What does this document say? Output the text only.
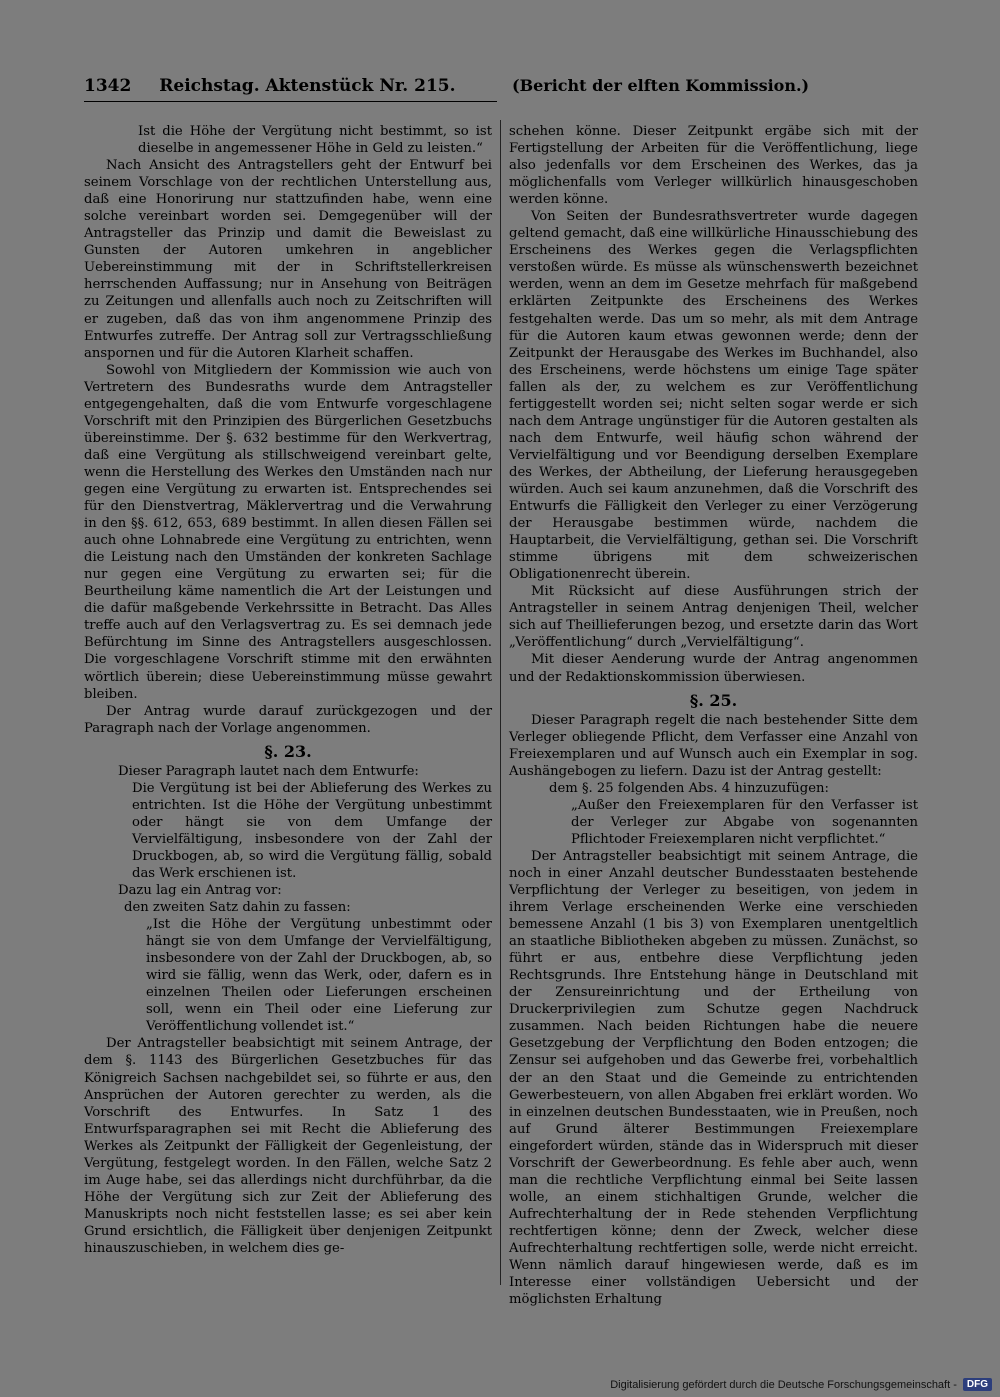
1342 Reichstag. Aktenstück Nr. 215.	(Bericht der elften Kommission.)

Ist die Höhe der Vergütung nicht bestimmt, so ist dieselbe in angemessener Höhe in Geld zu leisten.“

Nach Ansicht des Antragstellers geht der Entwurf bei seinem Vorschlage von der rechtlichen Unterstellung aus, daß eine Honorirung nur stattzufinden habe, wenn eine solche vereinbart worden sei. Demgegenüber will der Antragsteller das Prinzip und damit die Beweislast zu Gunsten der Autoren umkehren in angeblicher Uebereinstimmung mit der in Schriftstellerkreisen herrschenden Auffassung; nur in Ansehung von Beiträgen zu Zeitungen und allenfalls auch noch zu Zeitschriften will er zugeben, daß das von ihm angenommene Prinzip des Entwurfes zutreffe. Der Antrag soll zur Vertragsschließung anspornen und für die Autoren Klarheit schaffen.

Sowohl von Mitgliedern der Kommission wie auch von Vertretern des Bundesraths wurde dem Antragsteller entgegengehalten, daß die vom Entwurfe vorgeschlagene Vorschrift mit den Prinzipien des Bürgerlichen Gesetzbuchs übereinstimme. Der §. 632 bestimme für den Werkvertrag, daß eine Vergütung als stillschweigend vereinbart gelte, wenn die Herstellung des Werkes den Umständen nach nur gegen eine Vergütung zu erwarten ist. Entsprechendes sei für den Dienstvertrag, Mäklervertrag und die Verwahrung in den §§. 612, 653, 689 bestimmt. In allen diesen Fällen sei auch ohne Lohnabrede eine Vergütung zu entrichten, wenn die Leistung nach den Umständen der konkreten Sachlage nur gegen eine Vergütung zu erwarten sei; für die Beurtheilung käme namentlich die Art der Leistungen und die dafür maßgebende Verkehrssitte in Betracht. Das Alles treffe auch auf den Verlagsvertrag zu. Es sei demnach jede Befürchtung im Sinne des Antragstellers ausgeschlossen. Die vorgeschlagene Vorschrift stimme mit den erwähnten wörtlich überein; diese Uebereinstimmung müsse gewahrt bleiben.

Der Antrag wurde darauf zurückgezogen und der Paragraph nach der Vorlage angenommen.

§. 23.

Dieser Paragraph lautet nach dem Entwurfe:

Die Vergütung ist bei der Ablieferung des Werkes zu entrichten. Ist die Höhe der Vergütung unbestimmt oder hängt sie von dem Umfange der Vervielfältigung, insbesondere von der Zahl der Druckbogen, ab, so wird die Vergütung fällig, sobald das Werk erschienen ist.

Dazu lag ein Antrag vor:

den zweiten Satz dahin zu fassen:

„Ist die Höhe der Vergütung unbestimmt oder hängt sie von dem Umfange der Vervielfältigung, insbesondere von der Zahl der Druckbogen, ab, so wird sie fällig, wenn das Werk, oder, dafern es in einzelnen Theilen oder Lieferungen erscheinen soll, wenn ein Theil oder eine Lieferung zur Veröffentlichung vollendet ist.“

Der Antragsteller beabsichtigt mit seinem Antrage, der dem §. 1143 des Bürgerlichen Gesetzbuches für das Königreich Sachsen nachgebildet sei, so führte er aus, den Ansprüchen der Autoren gerechter zu werden, als die Vorschrift des Entwurfes. In Satz 1 des Entwurfsparagraphen sei mit Recht die Ablieferung des Werkes als Zeitpunkt der Fälligkeit der Gegenleistung, der Vergütung, festgelegt worden. In den Fällen, welche Satz 2 im Auge habe, sei das allerdings nicht durchführbar, da die Höhe der Vergütung sich zur Zeit der Ablieferung des Manuskripts noch nicht feststellen lasse; es sei aber kein Grund ersichtlich, die Fälligkeit über denjenigen Zeitpunkt hinauszuschieben, in welchem dies ge-

schehen könne. Dieser Zeitpunkt ergäbe sich mit der Fertigstellung der Arbeiten für die Veröffentlichung, liege also jedenfalls vor dem Erscheinen des Werkes, das ja möglichenfalls vom Verleger willkürlich hinausgeschoben werden könne.

Von Seiten der Bundesrathsvertreter wurde dagegen geltend gemacht, daß eine willkürliche Hinausschiebung des Erscheinens des Werkes gegen die Verlagspflichten verstoßen würde. Es müsse als wünschenswerth bezeichnet werden, wenn an dem im Gesetze mehrfach für maßgebend erklärten Zeitpunkte des Erscheinens des Werkes festgehalten werde. Das um so mehr, als mit dem Antrage für die Autoren kaum etwas gewonnen werde; denn der Zeitpunkt der Herausgabe des Werkes im Buchhandel, also des Erscheinens, werde höchstens um einige Tage später fallen als der, zu welchem es zur Veröffentlichung fertiggestellt worden sei; nicht selten sogar werde er sich nach dem Antrage ungünstiger für die Autoren gestalten als nach dem Entwurfe, weil häufig schon während der Vervielfältigung und vor Beendigung derselben Exemplare des Werkes, der Abtheilung, der Lieferung herausgegeben würden. Auch sei kaum anzunehmen, daß die Vorschrift des Entwurfs die Fälligkeit den Verleger zu einer Verzögerung der Herausgabe bestimmen würde, nachdem die Hauptarbeit, die Vervielfältigung, gethan sei. Die Vorschrift stimme übrigens mit dem schweizerischen Obligationenrecht überein.

Mit Rücksicht auf diese Ausführungen strich der Antragsteller in seinem Antrag denjenigen Theil, welcher sich auf Theillieferungen bezog, und ersetzte darin das Wort „Veröffentlichung“ durch „Vervielfältigung“.

Mit dieser Aenderung wurde der Antrag angenommen und der Redaktionskommission überwiesen.

§. 25.

Dieser Paragraph regelt die nach bestehender Sitte dem Verleger obliegende Pflicht, dem Verfasser eine Anzahl von Freiexemplaren und auf Wunsch auch ein Exemplar in sog. Aushängebogen zu liefern. Dazu ist der Antrag gestellt:

dem §. 25 folgenden Abs. 4 hinzuzufügen:

„Außer den Freiexemplaren für den Verfasser ist der Verleger zur Abgabe von sogenannten Pflichtoder Freiexemplaren nicht verpflichtet.“

Der Antragsteller beabsichtigt mit seinem Antrage, die noch in einer Anzahl deutscher Bundesstaaten bestehende Verpflichtung der Verleger zu beseitigen, von jedem in ihrem Verlage erscheinenden Werke eine verschieden bemessene Anzahl (1 bis 3) von Exemplaren unentgeltlich an staatliche Bibliotheken abgeben zu müssen. Zunächst, so führt er aus, entbehre diese Verpflichtung jeden Rechtsgrunds. Ihre Entstehung hänge in Deutschland mit der Zensureinrichtung und der Ertheilung von Druckerprivilegien zum Schutze gegen Nachdruck zusammen. Nach beiden Richtungen habe die neuere Gesetzgebung der Verpflichtung den Boden entzogen; die Zensur sei aufgehoben und das Gewerbe frei, vorbehaltlich der an den Staat und die Gemeinde zu entrichtenden Gewerbesteuern, von allen Abgaben frei erklärt worden. Wo in einzelnen deutschen Bundesstaaten, wie in Preußen, noch auf Grund älterer Bestimmungen Freiexemplare eingefordert würden, stände das in Widerspruch mit dieser Vorschrift der Gewerbeordnung. Es fehle aber auch, wenn man die rechtliche Verpflichtung einmal bei Seite lassen wolle, an einem stichhaltigen Grunde, welcher die Aufrechterhaltung der in Rede stehenden Verpflichtung rechtfertigen könne; denn der Zweck, welcher diese Aufrechterhaltung rechtfertigen solle, werde nicht erreicht. Wenn nämlich darauf hingewiesen werde, daß es im Interesse einer vollständigen Uebersicht und der möglichsten Erhaltung

Digitalisierung gefördert durch die Deutsche Forschungsgemeinschaft -	DFG
